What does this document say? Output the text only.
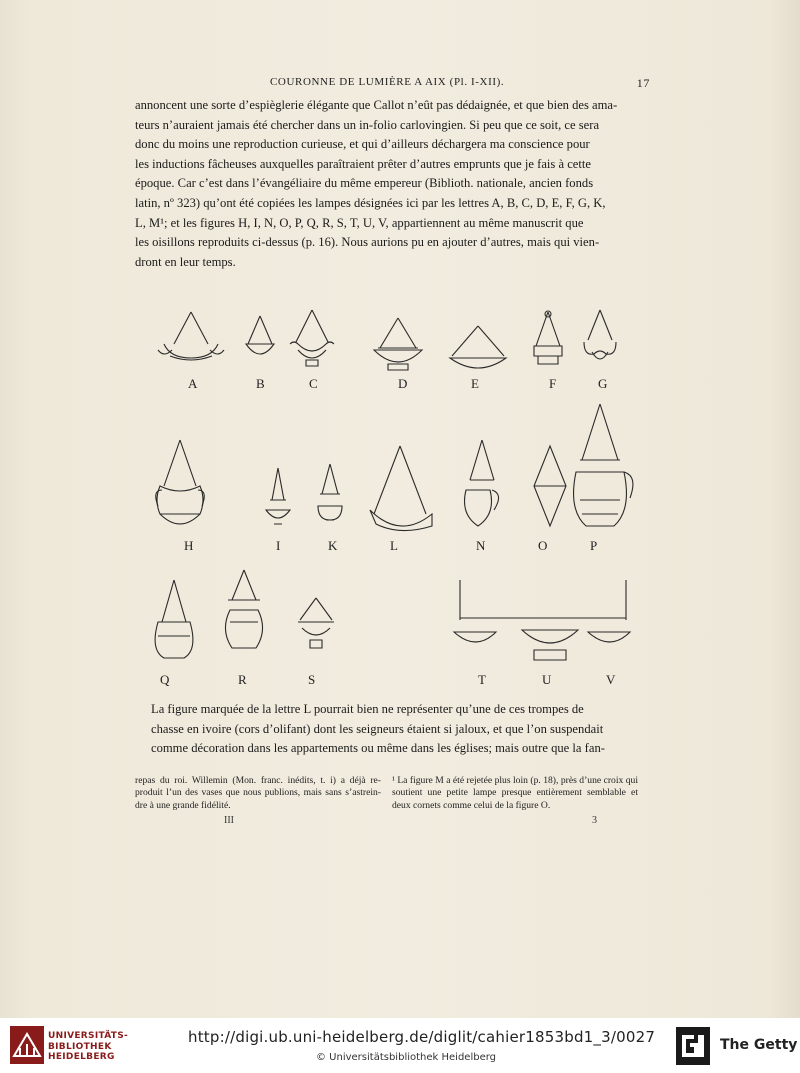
COURONNE DE LUMIÈRE A AIX (Pl. I-XII).	17

annoncent une sorte d’espièglerie élégante que Callot n’eût pas dédaignée, et que bien des ama-

teurs n’auraient jamais été chercher dans un in-folio carlovingien. Si peu que ce soit, ce sera

donc du moins une reproduction curieuse, et qui d’ailleurs déchargera ma conscience pour

les inductions fâcheuses auxquelles paraîtraient prêter d’autres emprunts que je fais à cette

époque. Car c’est dans l’évangéliaire du même empereur (Biblioth. nationale, ancien fonds

latin, nº 323) qu’ont été copiées les lampes désignées ici par les lettres A, B, C, D, E, F, G, K,

L, M¹; et les figures H, I, N, O, P, Q, R, S, T, U, V, appartiennent au même manuscrit que

les oisillons reproduits ci-dessus (p. 16). Nous aurions pu en ajouter d’autres, mais qui vien-

dront en leur temps.

A	B	C	D	E	F	G
H	I	K	L	N	O	P
Q	R	S	T	U	V

La figure marquée de la lettre L pourrait bien ne représenter qu’une de ces trompes de

chasse en ivoire (cors d’olifant) dont les seigneurs étaient si jaloux, et que l’on suspendait

comme décoration dans les appartements ou même dans les églises; mais outre que la fan-

repas du roi. Willemin (Mon. franc. inédits, t. i) a déjà re-produit l’un des vases que nous publions, mais sans s’astrein-dre à une grande fidélité.
¹ La figure M a été rejetée plus loin (p. 18), près d’une croix qui soutient une petite lampe presque entièrement semblable et deux cornets comme celui de la figure O.
III	3
UNIVERSITÄTS-
BIBLIOTHEK
HEIDELBERG
http://digi.ub.uni-heidelberg.de/diglit/cahier1853bd1_3/0027
© Universitätsbibliothek Heidelberg
The Getty
